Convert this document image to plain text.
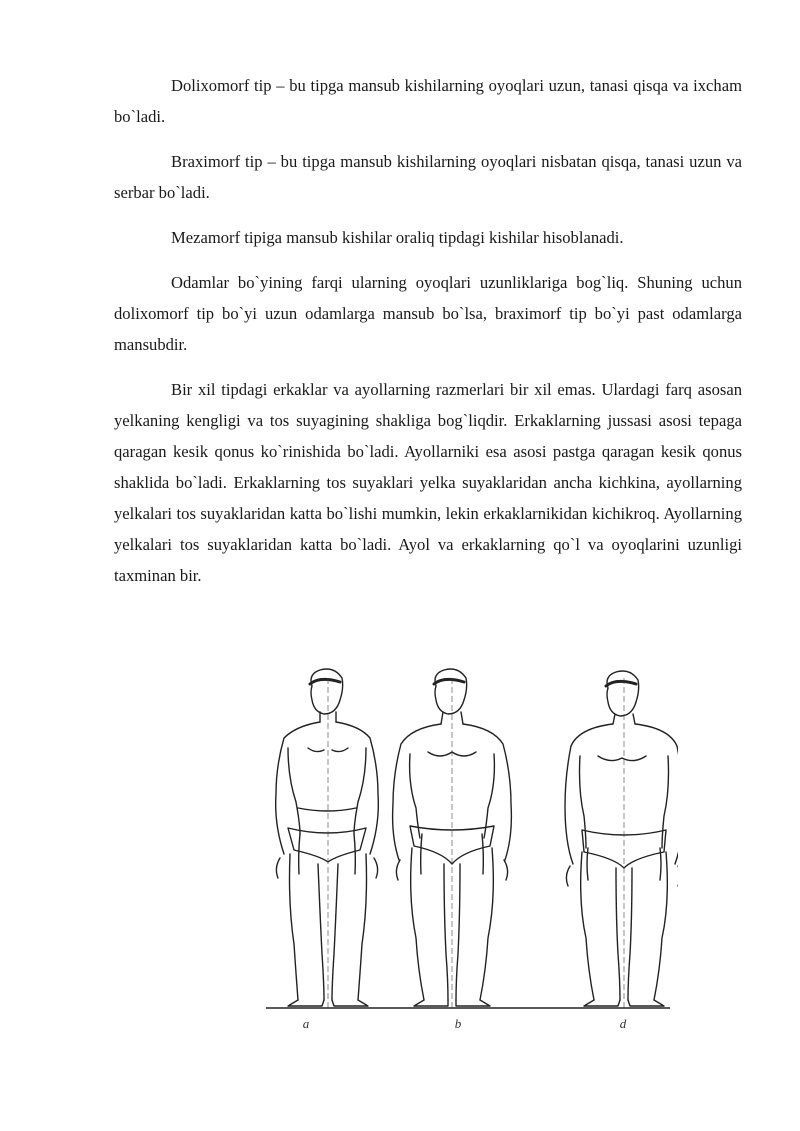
Dolixomorf tip – bu tipga mansub kishilarning oyoqlari uzun, tanasi qisqa va ixcham bo`ladi.

Braximorf tip – bu tipga mansub kishilarning oyoqlari nisbatan qisqa, tanasi uzun va serbar bo`ladi.

Mezamorf tipiga mansub kishilar oraliq tipdagi kishilar hisoblanadi.

Odamlar bo`yining farqi ularning oyoqlari uzunliklariga bog`liq. Shuning uchun dolixomorf tip bo`yi uzun odamlarga mansub bo`lsa, braximorf tip bo`yi past odamlarga mansubdir.

Bir xil tipdagi erkaklar va ayollarning razmerlari bir xil emas. Ulardagi farq asosan yelkaning kengligi va tos suyagining shakliga bog`liqdir. Erkaklarning jussasi asosi tepaga qaragan kesik qonus ko`rinishida bo`ladi. Ayollarniki esa asosi pastga qaragan kesik qonus shaklida bo`ladi. Erkaklarning tos suyaklari yelka suyaklaridan ancha kichkina, ayollarning yelkalari tos suyaklaridan katta bo`lishi mumkin, lekin erkaklarnikidan kichikroq. Ayollarning yelkalari tos suyaklaridan katta bo`ladi. Ayol va erkaklarning qo`l va oyoqlarini uzunligi taxminan bir.

a	b	d
